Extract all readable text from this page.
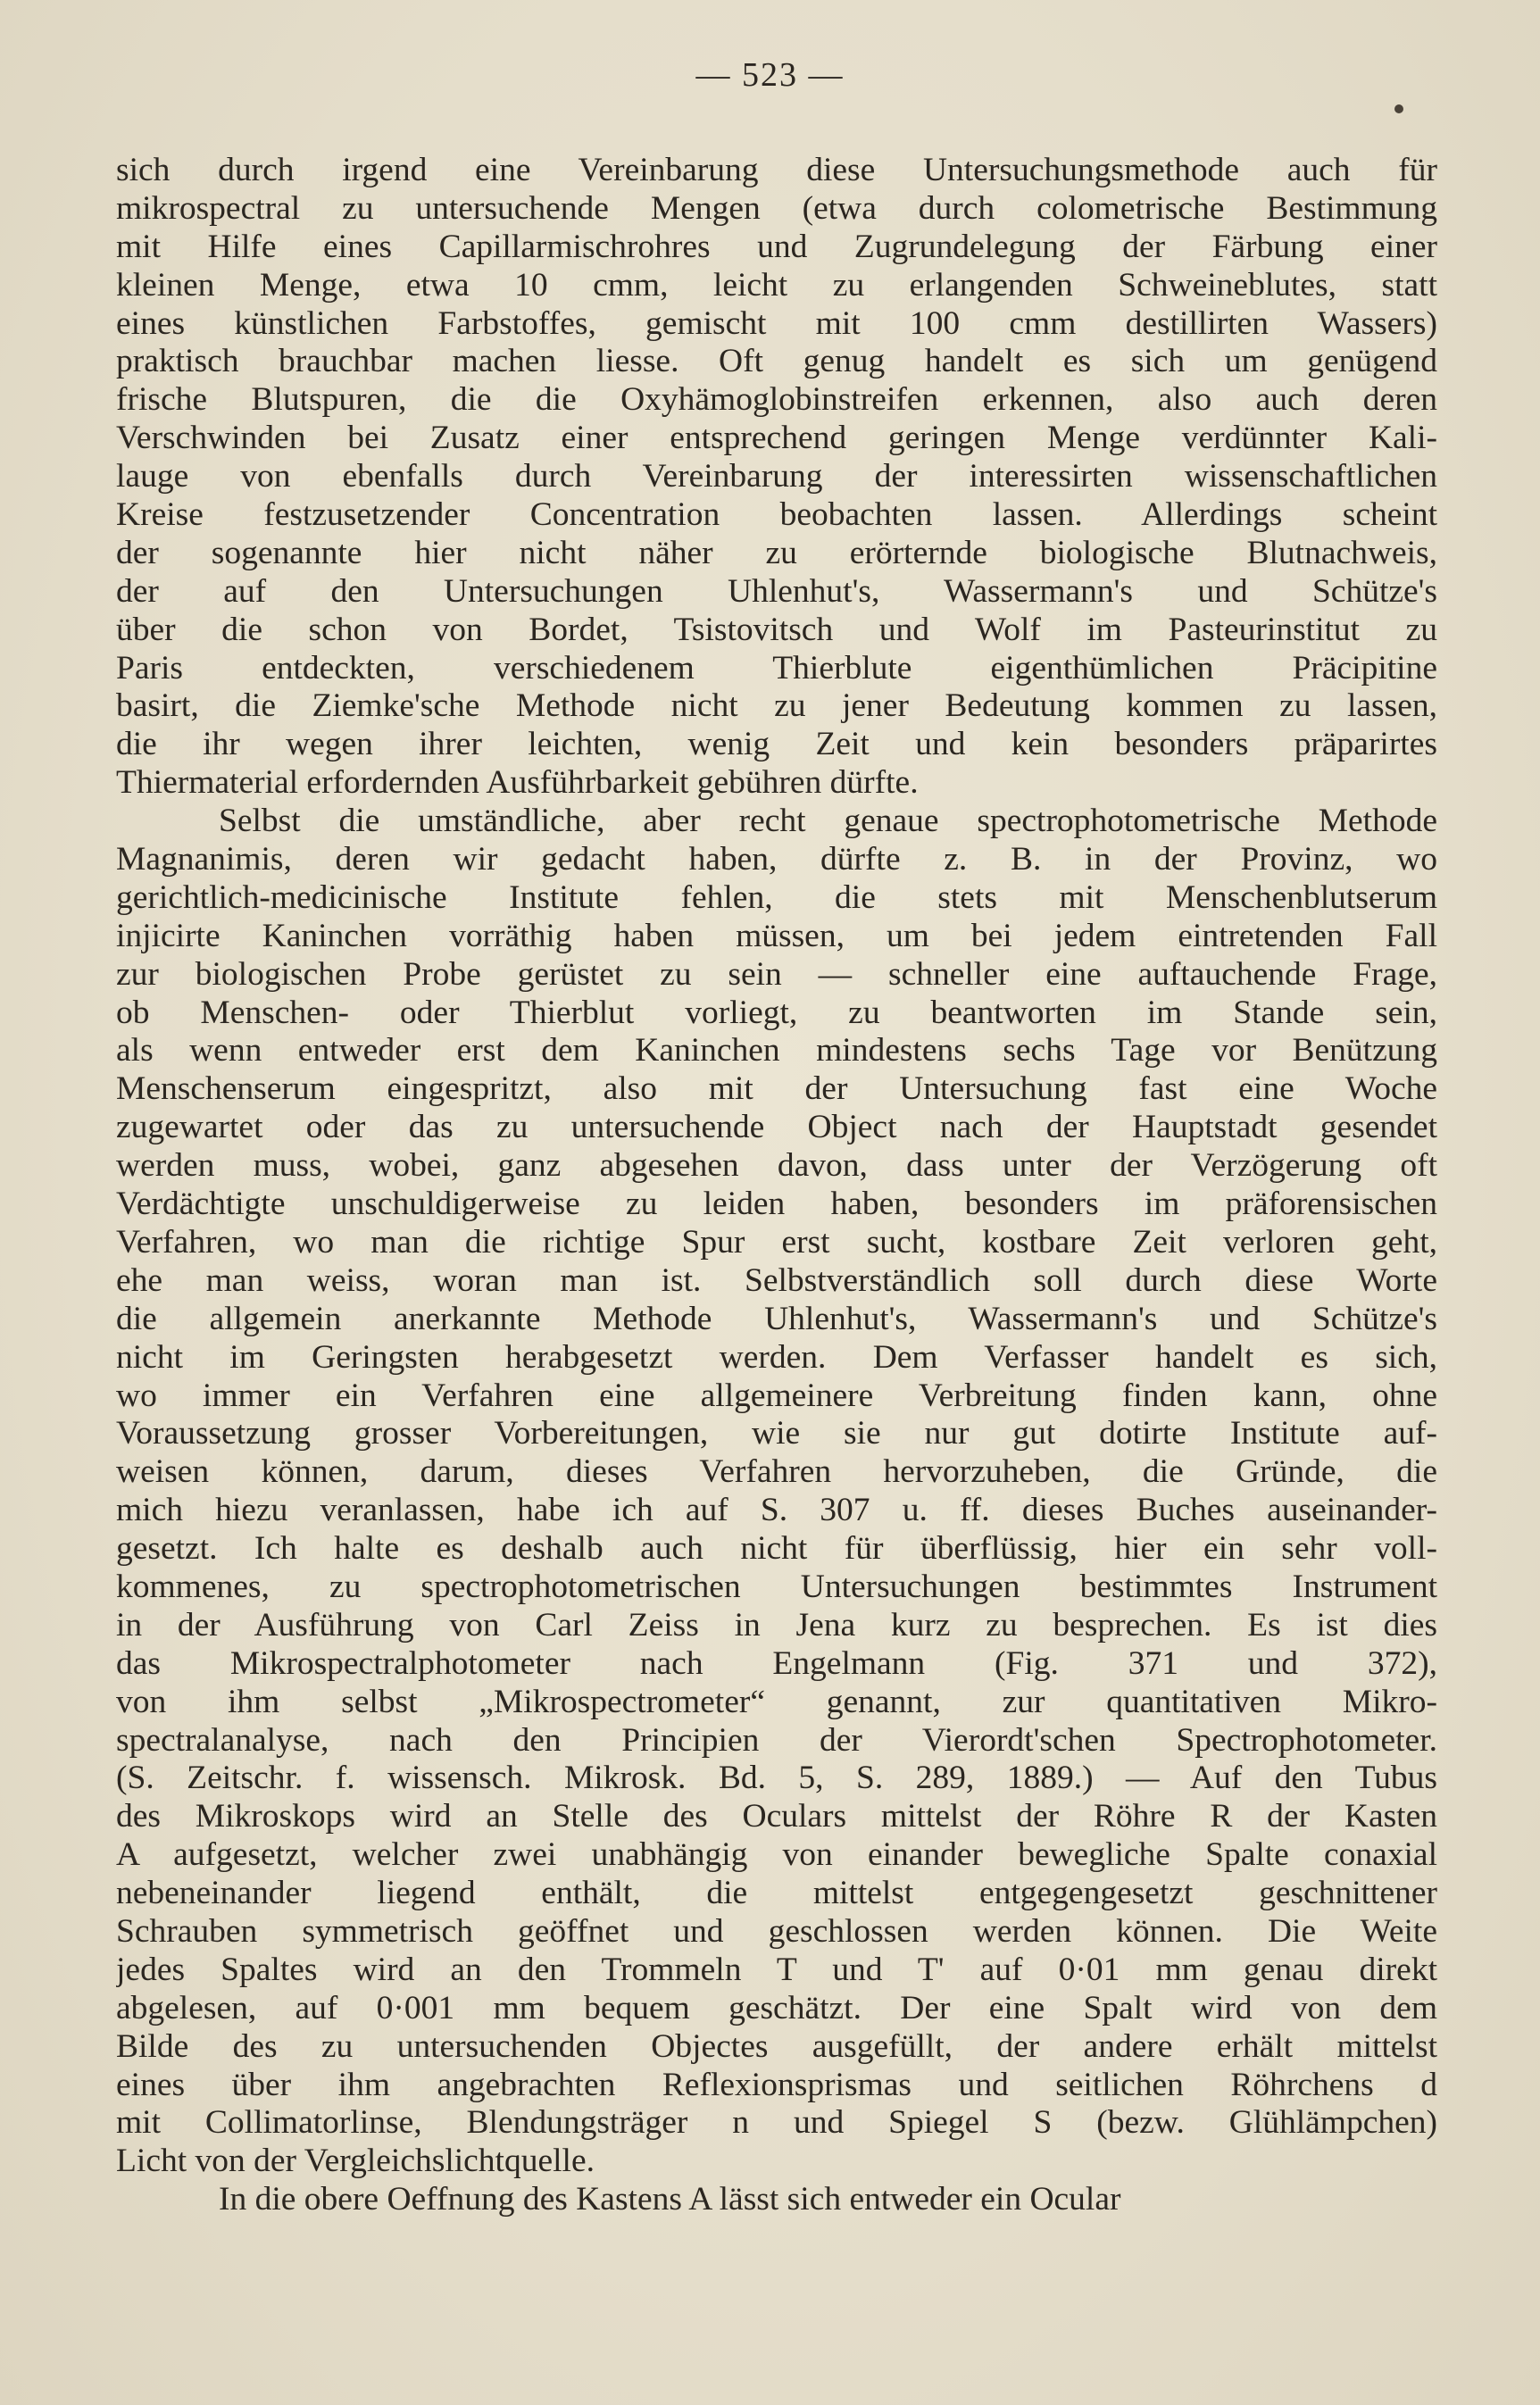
— 523 —
sich durch irgend eine Vereinbarung diese Untersuchungsmethode auch für
mikrospectral zu untersuchende Mengen (etwa durch colometrische Bestimmung
mit Hilfe eines Capillarmischrohres und Zugrundelegung der Färbung einer
kleinen Menge, etwa 10 cmm, leicht zu erlangenden Schweineblutes, statt
eines künstlichen Farbstoffes, gemischt mit 100 cmm destillirten Wassers)
praktisch brauchbar machen liesse. Oft genug handelt es sich um genügend
frische Blutspuren, die die Oxyhämoglobinstreifen erkennen, also auch deren
Verschwinden bei Zusatz einer entsprechend geringen Menge verdünnter Kali-
lauge von ebenfalls durch Vereinbarung der interessirten wissenschaftlichen
Kreise festzusetzender Concentration beobachten lassen. Allerdings scheint
der sogenannte hier nicht näher zu erörternde biologische Blutnachweis,
der auf den Untersuchungen Uhlenhut's, Wassermann's und Schütze's
über die schon von Bordet, Tsistovitsch und Wolf im Pasteurinstitut zu
Paris entdeckten, verschiedenem Thierblute eigenthümlichen Präcipitine
basirt, die Ziemke'sche Methode nicht zu jener Bedeutung kommen zu lassen,
die ihr wegen ihrer leichten, wenig Zeit und kein besonders präparirtes
Thiermaterial erfordernden Ausführbarkeit gebühren dürfte.
Selbst die umständliche, aber recht genaue spectrophotometrische Methode
Magnanimis, deren wir gedacht haben, dürfte z. B. in der Provinz, wo
gerichtlich-medicinische Institute fehlen, die stets mit Menschenblutserum
injicirte Kaninchen vorräthig haben müssen, um bei jedem eintretenden Fall
zur biologischen Probe gerüstet zu sein — schneller eine auftauchende Frage,
ob Menschen- oder Thierblut vorliegt, zu beantworten im Stande sein,
als wenn entweder erst dem Kaninchen mindestens sechs Tage vor Benützung
Menschenserum eingespritzt, also mit der Untersuchung fast eine Woche
zugewartet oder das zu untersuchende Object nach der Hauptstadt gesendet
werden muss, wobei, ganz abgesehen davon, dass unter der Verzögerung oft
Verdächtigte unschuldigerweise zu leiden haben, besonders im präforensischen
Verfahren, wo man die richtige Spur erst sucht, kostbare Zeit verloren geht,
ehe man weiss, woran man ist. Selbstverständlich soll durch diese Worte
die allgemein anerkannte Methode Uhlenhut's, Wassermann's und Schütze's
nicht im Geringsten herabgesetzt werden. Dem Verfasser handelt es sich,
wo immer ein Verfahren eine allgemeinere Verbreitung finden kann, ohne
Voraussetzung grosser Vorbereitungen, wie sie nur gut dotirte Institute auf-
weisen können, darum, dieses Verfahren hervorzuheben, die Gründe, die
mich hiezu veranlassen, habe ich auf S. 307 u. ff. dieses Buches auseinander-
gesetzt. Ich halte es deshalb auch nicht für überflüssig, hier ein sehr voll-
kommenes, zu spectrophotometrischen Untersuchungen bestimmtes Instrument
in der Ausführung von Carl Zeiss in Jena kurz zu besprechen. Es ist dies
das Mikrospectralphotometer nach Engelmann (Fig. 371 und 372),
von ihm selbst „Mikrospectrometer“ genannt, zur quantitativen Mikro-
spectralanalyse, nach den Principien der Vierordt'schen Spectrophotometer.
(S. Zeitschr. f. wissensch. Mikrosk. Bd. 5, S. 289, 1889.) — Auf den Tubus
des Mikroskops wird an Stelle des Oculars mittelst der Röhre R der Kasten
A aufgesetzt, welcher zwei unabhängig von einander bewegliche Spalte conaxial
nebeneinander liegend enthält, die mittelst entgegengesetzt geschnittener
Schrauben symmetrisch geöffnet und geschlossen werden können. Die Weite
jedes Spaltes wird an den Trommeln T und T' auf 0·01 mm genau direkt
abgelesen, auf 0·001 mm bequem geschätzt. Der eine Spalt wird von dem
Bilde des zu untersuchenden Objectes ausgefüllt, der andere erhält mittelst
eines über ihm angebrachten Reflexionsprismas und seitlichen Röhrchens d
mit Collimatorlinse, Blendungsträger n und Spiegel S (bezw. Glühlämpchen)
Licht von der Vergleichslichtquelle.
In die obere Oeffnung des Kastens A lässt sich entweder ein Ocular
